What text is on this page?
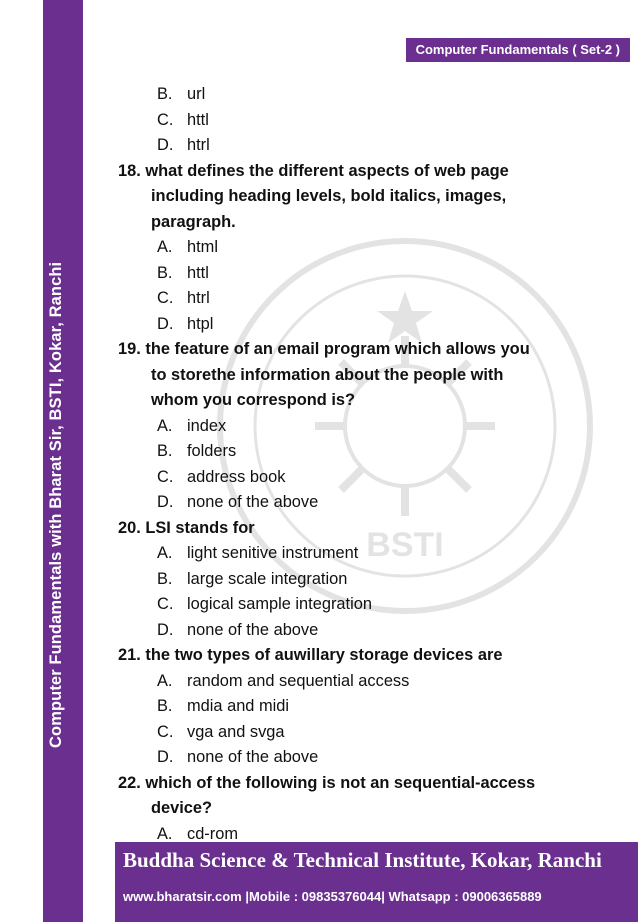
Computer Fundamentals with Bharat Sir, BSTI, Kokar, Ranchi
Computer Fundamentals ( Set-2 )
BSTI
B. url
C. httl
D. htrl
18. what defines the different aspects of web page
including heading levels, bold italics, images,
paragraph.
A. html
B. httl
C. htrl
D. htpl
19. the feature of an email program which allows you
to storethe information about the people with
whom you correspond is?
A. index
B. folders
C. address book
D. none of the above
20. LSI stands for
A. light senitive instrument
B. large scale integration
C. logical sample integration
D. none of the above
21. the two types of auwillary storage devices are
A. random and sequential access
B. mdia and midi
C. vga and svga
D. none of the above
22. which of the following is not an sequential-access
device?
A. cd-rom
Buddha Science & Technical Institute, Kokar, Ranchi
www.bharatsir.com |Mobile : 09835376044| Whatsapp : 09006365889
